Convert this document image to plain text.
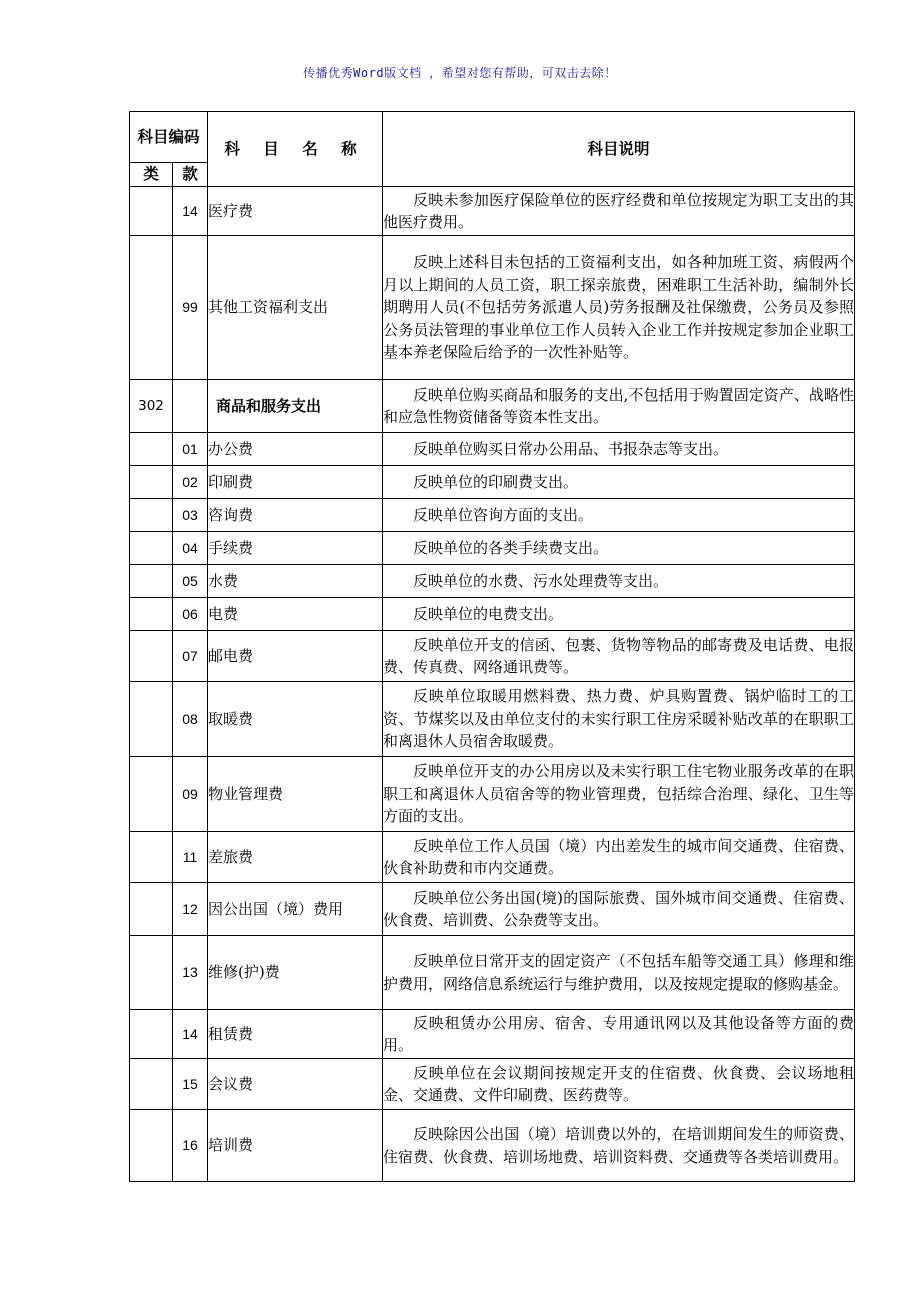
传播优秀Word版文档 ，希望对您有帮助，可双击去除！
科目编码		科 目 名 称	科目说明
类	款		
	14	医疗费	反映未参加医疗保险单位的医疗经费和单位按规定为职工支出的其他医疗费用。
	99	其他工资福利支出	反映上述科目未包括的工资福利支出，如各种加班工资、病假两个月以上期间的人员工资，职工探亲旅费，困难职工生活补助，编制外长期聘用人员(不包括劳务派遣人员)劳务报酬及社保缴费，公务员及参照公务员法管理的事业单位工作人员转入企业工作并按规定参加企业职工基本养老保险后给予的一次性补贴等。
302		商品和服务支出	反映单位购买商品和服务的支出,不包括用于购置固定资产、战略性和应急性物资储备等资本性支出。
	01	办公费	反映单位购买日常办公用品、书报杂志等支出。
	02	印刷费	反映单位的印刷费支出。
	03	咨询费	反映单位咨询方面的支出。
	04	手续费	反映单位的各类手续费支出。
	05	水费	反映单位的水费、污水处理费等支出。
	06	电费	反映单位的电费支出。
	07	邮电费	反映单位开支的信函、包裹、货物等物品的邮寄费及电话费、电报费、传真费、网络通讯费等。
	08	取暖费	反映单位取暖用燃料费、热力费、炉具购置费、锅炉临时工的工资、节煤奖以及由单位支付的未实行职工住房采暖补贴改革的在职职工和离退休人员宿舍取暖费。
	09	物业管理费	反映单位开支的办公用房以及未实行职工住宅物业服务改革的在职职工和离退休人员宿舍等的物业管理费，包括综合治理、绿化、卫生等方面的支出。
	11	差旅费	反映单位工作人员国（境）内出差发生的城市间交通费、住宿费、伙食补助费和市内交通费。
	12	因公出国（境）费用	反映单位公务出国(境)的国际旅费、国外城市间交通费、住宿费、伙食费、培训费、公杂费等支出。
	13	维修(护)费	反映单位日常开支的固定资产（不包括车船等交通工具）修理和维护费用，网络信息系统运行与维护费用，以及按规定提取的修购基金。
	14	租赁费	反映租赁办公用房、宿舍、专用通讯网以及其他设备等方面的费用。
	15	会议费	反映单位在会议期间按规定开支的住宿费、伙食费、会议场地租金、交通费、文件印刷费、医药费等。
	16	培训费	反映除因公出国（境）培训费以外的，在培训期间发生的师资费、住宿费、伙食费、培训场地费、培训资料费、交通费等各类培训费用。
